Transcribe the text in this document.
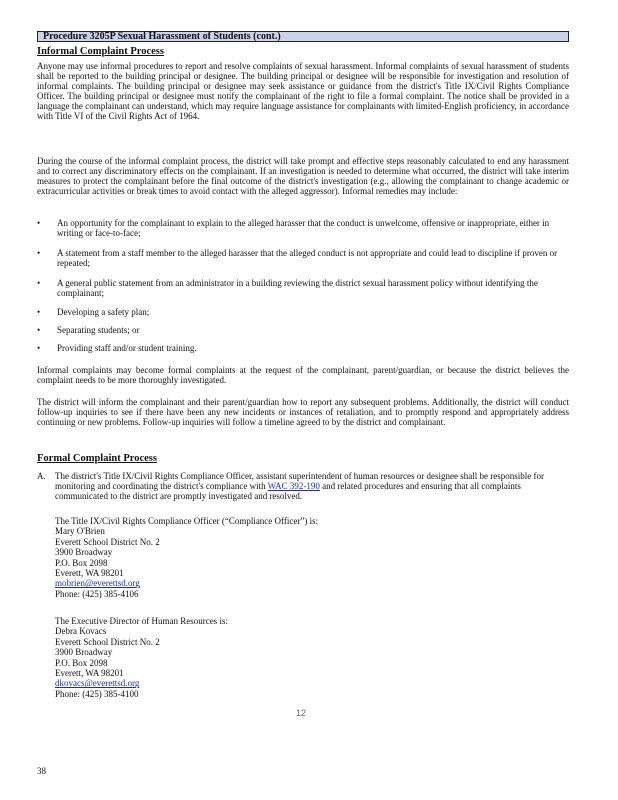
Procedure 3205P Sexual Harassment of Students (cont.)
Informal Complaint Process
Anyone may use informal procedures to report and resolve complaints of sexual harassment. Informal complaints of sexual harassment of students shall be reported to the building principal or designee. The building principal or designee will be responsible for investigation and resolution of informal complaints. The building principal or designee may seek assistance or guidance from the district's Title IX/Civil Rights Compliance Officer. The building principal or designee must notify the complainant of the right to file a formal complaint. The notice shall be provided in a language the complainant can understand, which may require language assistance for complainants with limited-English proficiency, in accordance with Title VI of the Civil Rights Act of 1964.
During the course of the informal complaint process, the district will take prompt and effective steps reasonably calculated to end any harassment and to correct any discriminatory effects on the complainant. If an investigation is needed to determine what occurred, the district will take interim measures to protect the complainant before the final outcome of the district's investigation (e.g., allowing the complainant to change academic or extracurricular activities or break times to avoid contact with the alleged aggressor). Informal remedies may include:
•	An opportunity for the complainant to explain to the alleged harasser that the conduct is unwelcome, offensive or inappropriate, either in writing or face-to-face;
•	A statement from a staff member to the alleged harasser that the alleged conduct is not appropriate and could lead to discipline if proven or repeated;
•	A general public statement from an administrator in a building reviewing the district sexual harassment policy without identifying the complainant;
•	Developing a safety plan;
•	Separating students; or
•	Providing staff and/or student training.
Informal complaints may become formal complaints at the request of the complainant, parent/guardian, or because the district believes the complaint needs to be more thoroughly investigated.
The district will inform the complainant and their parent/guardian how to report any subsequent problems. Additionally, the district will conduct follow-up inquiries to see if there have been any new incidents or instances of retaliation, and to promptly respond and appropriately address continuing or new problems. Follow-up inquiries will follow a timeline agreed to by the district and complainant.
Formal Complaint Process
A. The district's Title IX/Civil Rights Compliance Officer, assistant superintendent of human resources or designee shall be responsible for monitoring and coordinating the district's compliance with WAC 392-190 and related procedures and ensuring that all complaints communicated to the district are promptly investigated and resolved.
The Title IX/Civil Rights Compliance Officer (“Compliance Officer”) is:
Mary O'Brien
Everett School District No. 2
3900 Broadway
P.O. Box 2098
Everett, WA 98201
mobrien@everettsd.org
Phone: (425) 385-4106
The Executive Director of Human Resources is:
Debra Kovacs
Everett School District No. 2
3900 Broadway
P.O. Box 2098
Everett, WA 98201
dkovacs@everettsd.org
Phone: (425) 385-4100
12
38
